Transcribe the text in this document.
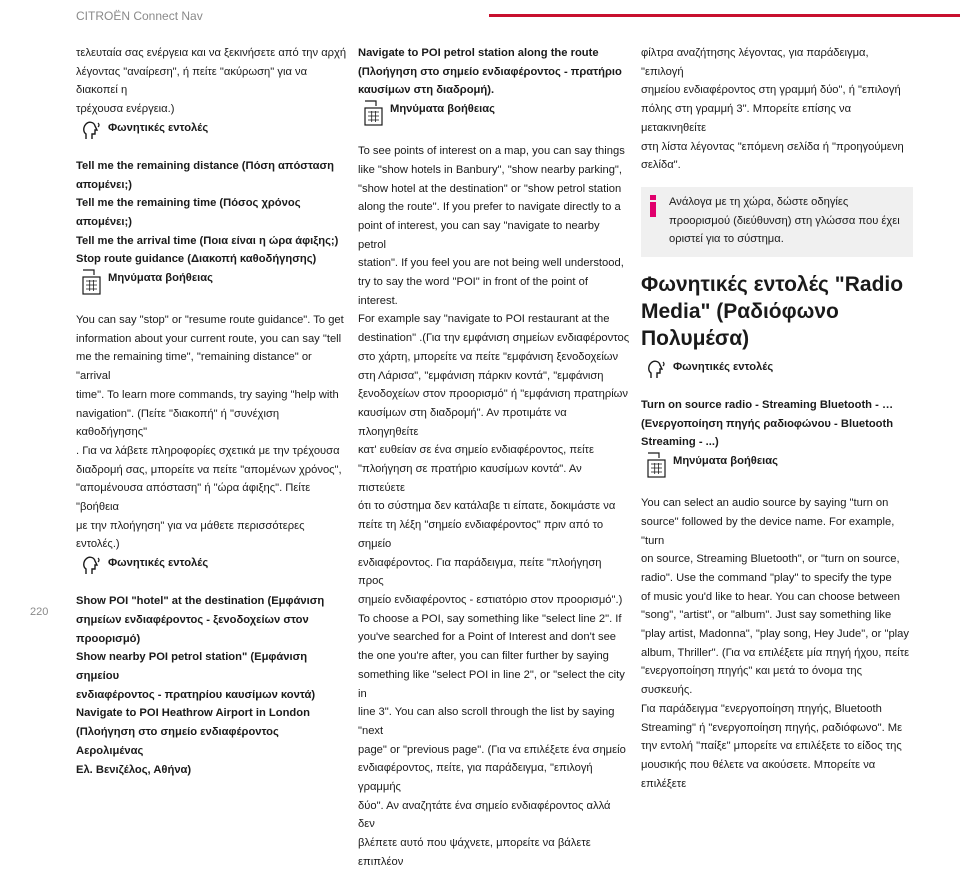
CITROËN Connect Nav
τελευταία σας ενέργεια και να ξεκινήσετε από την αρχή
λέγοντας "αναίρεση", ή πείτε "ακύρωση" για να διακοπεί η
τρέχουσα ενέργεια.)
Φωνητικές εντολές
Tell me the remaining distance (Πόση απόσταση
απομένει;)
Tell me the remaining time (Πόσος χρόνος απομένει;)
Tell me the arrival time (Ποια είναι η ώρα άφιξης;)
Stop route guidance (Διακοπή καθοδήγησης)
Μηνύματα βοήθειας
You can say "stop" or "resume route guidance". To get
information about your current route, you can say "tell
me the remaining time", "remaining distance" or "arrival
time". To learn more commands, try saying "help with
navigation". (Πείτε "διακοπή" ή "συνέχιση καθοδήγησης"
. Για να λάβετε πληροφορίες σχετικά με την τρέχουσα
διαδρομή σας, μπορείτε να πείτε "απομένων χρόνος",
"απομένουσα απόσταση" ή "ώρα άφιξης". Πείτε "βοήθεια
με την πλοήγηση" για να μάθετε περισσότερες εντολές.)
Φωνητικές εντολές
Show POI "hotel" at the destination (Εμφάνιση
σημείων ενδιαφέροντος - ξενοδοχείων στον
προορισμό)
Show nearby POI petrol station" (Εμφάνιση σημείου
ενδιαφέροντος - πρατηρίου καυσίμων κοντά)
Navigate to POI Heathrow Airport in London
(Πλοήγηση στο σημείο ενδιαφέροντος Αερολιμένας
Ελ. Βενιζέλος, Αθήνα)
Navigate to POI petrol station along the route
(Πλοήγηση στο σημείο ενδιαφέροντος - πρατήριο
καυσίμων στη διαδρομή).
Μηνύματα βοήθειας
To see points of interest on a map, you can say things
like "show hotels in Banbury", "show nearby parking",
"show hotel at the destination" or "show petrol station
along the route". If you prefer to navigate directly to a
point of interest, you can say "navigate to nearby petrol
station". If you feel you are not being well understood,
try to say the word "POI" in front of the point of interest.
For example say "navigate to POI restaurant at the
destination" .(Για την εμφάνιση σημείων ενδιαφέροντος
στο χάρτη, μπορείτε να πείτε "εμφάνιση ξενοδοχείων
στη Λάρισα", "εμφάνιση πάρκιν κοντά", "εμφάνιση
ξενοδοχείων στον προορισμό" ή "εμφάνιση πρατηρίων
καυσίμων στη διαδρομή". Αν προτιμάτε να πλοηγηθείτε
κατ' ευθείαν σε ένα σημείο ενδιαφέροντος, πείτε
"πλοήγηση σε πρατήριο καυσίμων κοντά". Αν πιστεύετε
ότι το σύστημα δεν κατάλαβε τι είπατε, δοκιμάστε να
πείτε τη λέξη "σημείο ενδιαφέροντος" πριν από το σημείο
ενδιαφέροντος. Για παράδειγμα, πείτε "πλοήγηση προς
σημείο ενδιαφέροντος - εστιατόριο στον προορισμό".)
To choose a POI, say something like "select line 2". If
you've searched for a Point of Interest and don't see
the one you're after, you can filter further by saying
something like "select POI in line 2", or "select the city in
line 3". You can also scroll through the list by saying "next
page" or "previous page". (Για να επιλέξετε ένα σημείο
ενδιαφέροντος, πείτε, για παράδειγμα, "επιλογή γραμμής
δύο". Αν αναζητάτε ένα σημείο ενδιαφέροντος αλλά δεν
βλέπετε αυτό που ψάχνετε, μπορείτε να βάλετε επιπλέον
φίλτρα αναζήτησης λέγοντας, για παράδειγμα, "επιλογή
σημείου ενδιαφέροντος στη γραμμή δύο", ή "επιλογή
πόλης στη γραμμή 3". Μπορείτε επίσης να μετακινηθείτε
στη λίστα λέγοντας "επόμενη σελίδα ή "προηγούμενη
σελίδα".
Ανάλογα με τη χώρα, δώστε οδηγίες
προορισμού (διεύθυνση) στη γλώσσα που έχει
οριστεί για το σύστημα.
Φωνητικές εντολές "Radio
Media" (Ραδιόφωνο Πολυμέσα)
Φωνητικές εντολές
Turn on source radio - Streaming Bluetooth - …
(Ενεργοποίηση πηγής ραδιοφώνου - Bluetooth
Streaming - ...)
Μηνύματα βοήθειας
You can select an audio source by saying "turn on
source" followed by the device name. For example, "turn
on source, Streaming Bluetooth", or "turn on source,
radio". Use the command "play" to specify the type
of music you'd like to hear. You can choose between
"song", "artist", or "album". Just say something like
"play artist, Madonna", "play song, Hey Jude", or "play
album, Thriller". (Για να επιλέξετε μία πηγή ήχου, πείτε
"ενεργοποίηση πηγής" και μετά το όνομα της συσκευής.
Για παράδειγμα "ενεργοποίηση πηγής, Bluetooth
Streaming" ή "ενεργοποίηση πηγής, ραδιόφωνο". Με
την εντολή "παίξε" μπορείτε να επιλέξετε το είδος της
μουσικής που θέλετε να ακούσετε. Μπορείτε να επιλέξετε
220
